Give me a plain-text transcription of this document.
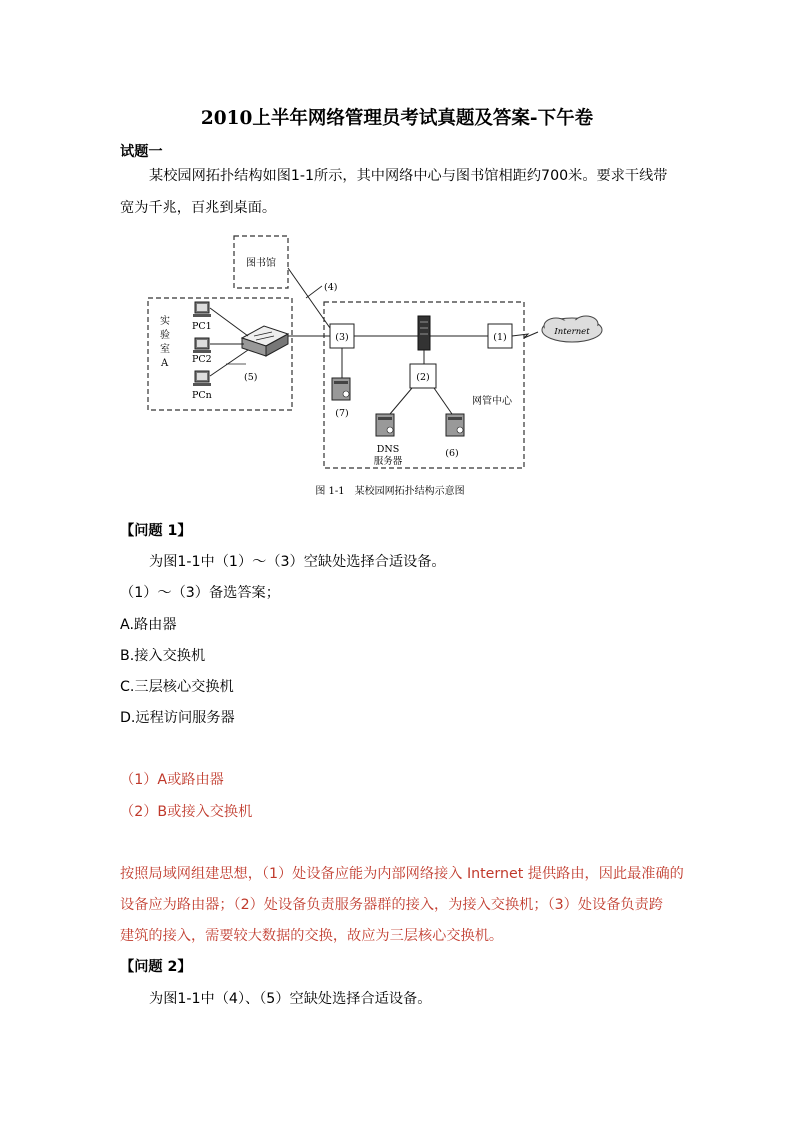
2010上半年网络管理员考试真题及答案-下午卷
试题一
某校园网拓扑结构如图1-1所示，其中网络中心与图书馆相距约700米。要求干线带
宽为千兆，百兆到桌面。
图书馆
实
验
室
A
PC1
PC2
PCn
(5)
(4)
网管中心
(3)	(1)	Internet
(7)
(2)
DNS
服务器
(6)
图 1-1　某校园网拓扑结构示意图
【问题 1】
为图1-1中（1）～（3）空缺处选择合适设备。
（1）～（3）备选答案；
A.路由器
B.接入交换机
C.三层核心交换机
D.远程访问服务器
（1）A或路由器
（2）B或接入交换机
按照局域网组建思想，（1）处设备应能为内部网络接入 Internet 提供路由，因此最准确的
设备应为路由器；（2）处设备负责服务器群的接入，为接入交换机；（3）处设备负责跨
建筑的接入，需要较大数据的交换，故应为三层核心交换机。
【问题 2】
为图1-1中（4）、（5）空缺处选择合适设备。
